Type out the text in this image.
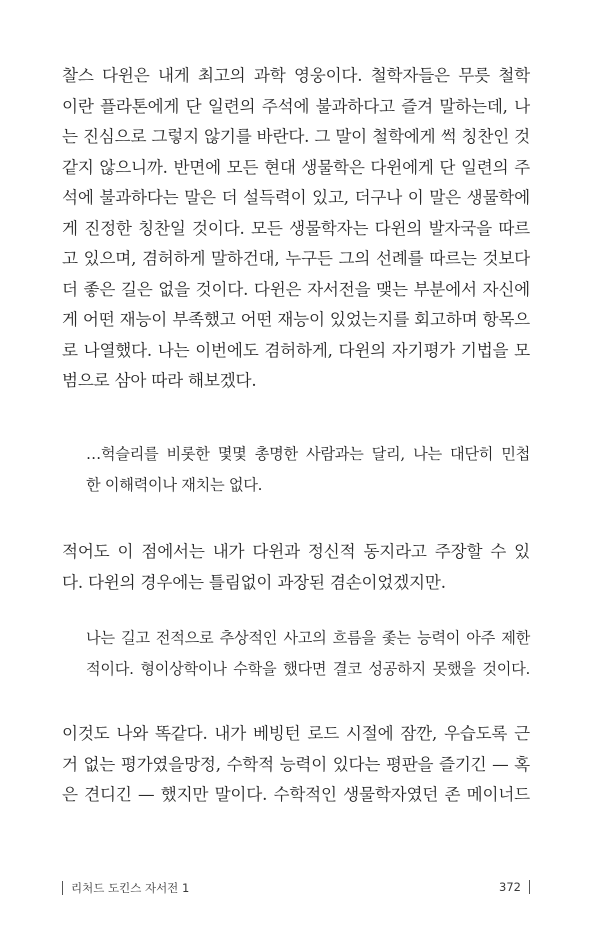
찰스 다윈은 내게 최고의 과학 영웅이다. 철학자들은 무릇 철학
이란 플라톤에게 단 일련의 주석에 불과하다고 즐겨 말하는데, 나
는 진심으로 그렇지 않기를 바란다. 그 말이 철학에게 썩 칭찬인 것
같지 않으니까. 반면에 모든 현대 생물학은 다윈에게 단 일련의 주
석에 불과하다는 말은 더 설득력이 있고, 더구나 이 말은 생물학에
게 진정한 칭찬일 것이다. 모든 생물학자는 다윈의 발자국을 따르
고 있으며, 겸허하게 말하건대, 누구든 그의 선례를 따르는 것보다
더 좋은 길은 없을 것이다. 다윈은 자서전을 맺는 부분에서 자신에
게 어떤 재능이 부족했고 어떤 재능이 있었는지를 회고하며 항목으
로 나열했다. 나는 이번에도 겸허하게, 다윈의 자기평가 기법을 모
범으로 삼아 따라 해보겠다.

…헉슬리를 비롯한 몇몇 총명한 사람과는 달리, 나는 대단히 민첩
한 이해력이나 재치는 없다.

적어도 이 점에서는 내가 다윈과 정신적 동지라고 주장할 수 있
다. 다윈의 경우에는 틀림없이 과장된 겸손이었겠지만.

나는 길고 전적으로 추상적인 사고의 흐름을 좇는 능력이 아주 제한
적이다. 형이상학이나 수학을 했다면 결코 성공하지 못했을 것이다.

이것도 나와 똑같다. 내가 베빙턴 로드 시절에 잠깐, 우습도록 근
거 없는 평가였을망정, 수학적 능력이 있다는 평판을 즐기긴 — 혹
은 견디긴 — 했지만 말이다. 수학적인 생물학자였던 존 메이너드

리처드 도킨스 자서전 1	372
